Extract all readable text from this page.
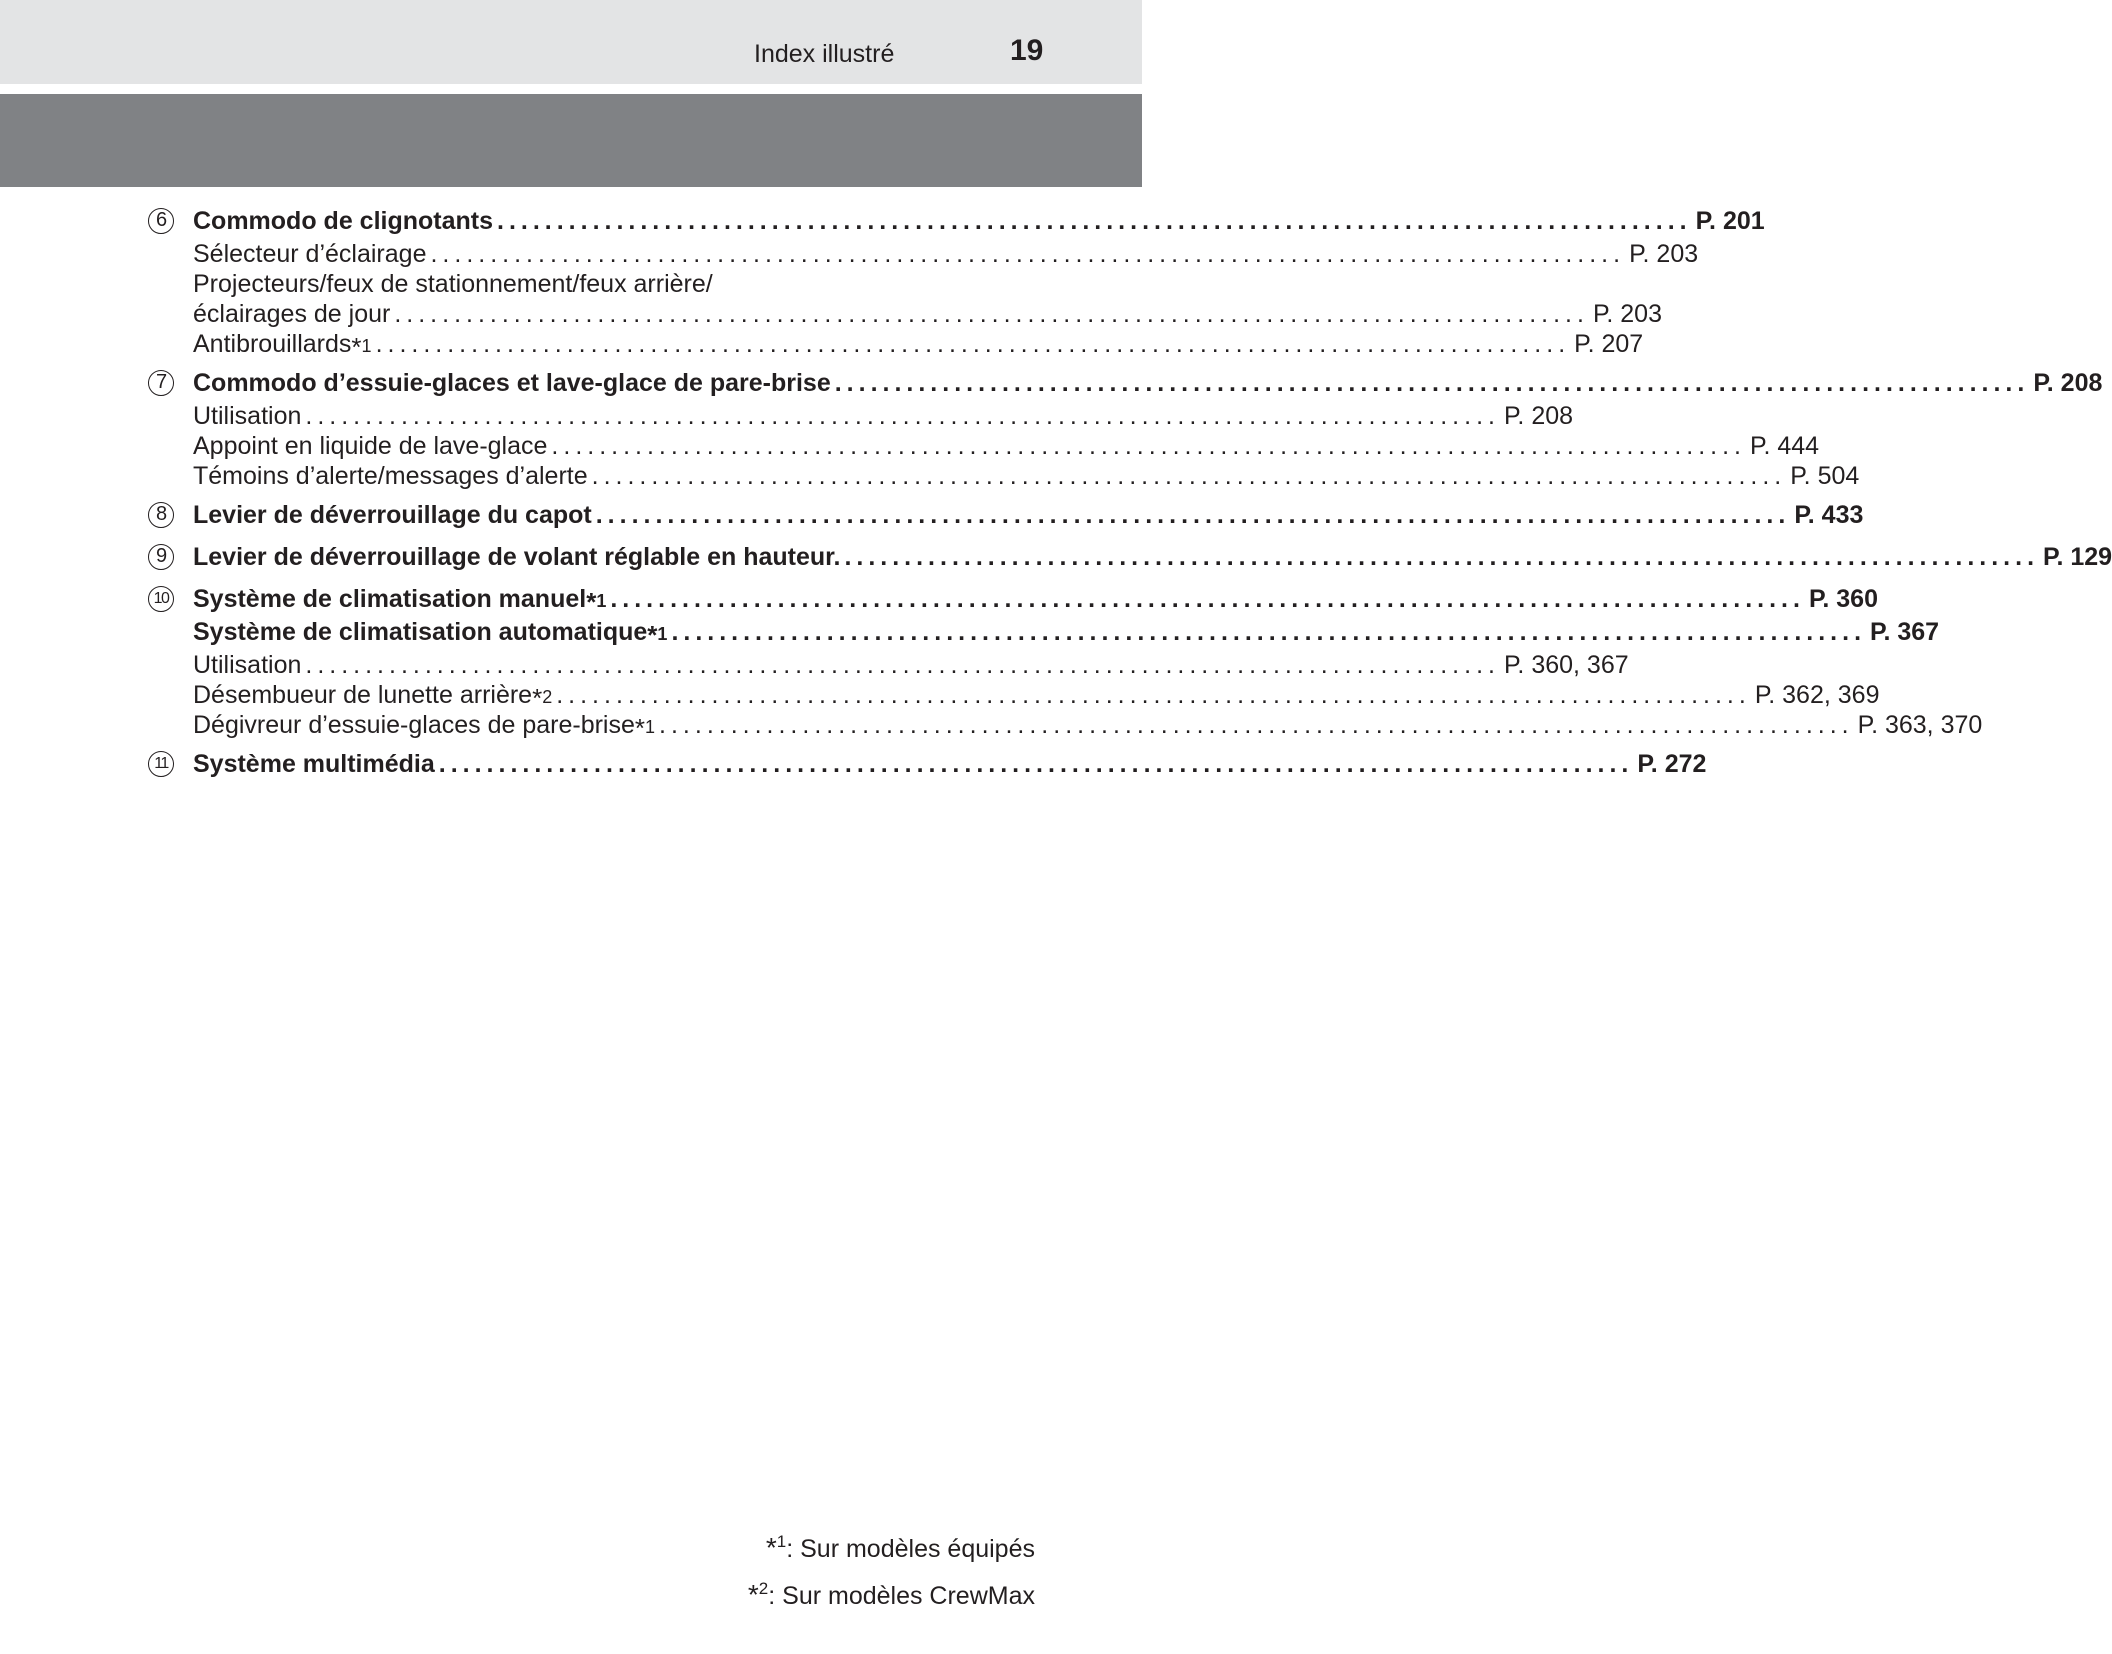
Index illustré	19
6	Commodo de clignotants .................................................................................................... P. 201
Sélecteur d’éclairage .................................................................................................... P. 203
Projecteurs/feux de stationnement/feux arrière/
éclairages de jour .................................................................................................... P. 203
Antibrouillards *1 .................................................................................................... P. 207
7	Commodo d’essuie-glaces et lave-glace de pare-brise .................................................................................................... P. 208
Utilisation .................................................................................................... P. 208
Appoint en liquide de lave-glace .................................................................................................... P. 444
Témoins d’alerte/messages d’alerte .................................................................................................... P. 504
8	Levier de déverrouillage du capot .................................................................................................... P. 433
9	Levier de déverrouillage de volant réglable en hauteur. .................................................................................................... P. 129
10 Système de climatisation manuel *1 .................................................................................................... P. 360
Système de climatisation automatique *1 .................................................................................................... P. 367
Utilisation .................................................................................................... P. 360, 367
Désembueur de lunette arrière *2 .................................................................................................... P. 362, 369
Dégivreur d’essuie-glaces de pare-brise *1 .................................................................................................... P. 363, 370
11 Système multimédia .................................................................................................... P. 272
*$^1$: Sur modèles équipés
*$^2$: Sur modèles CrewMax
